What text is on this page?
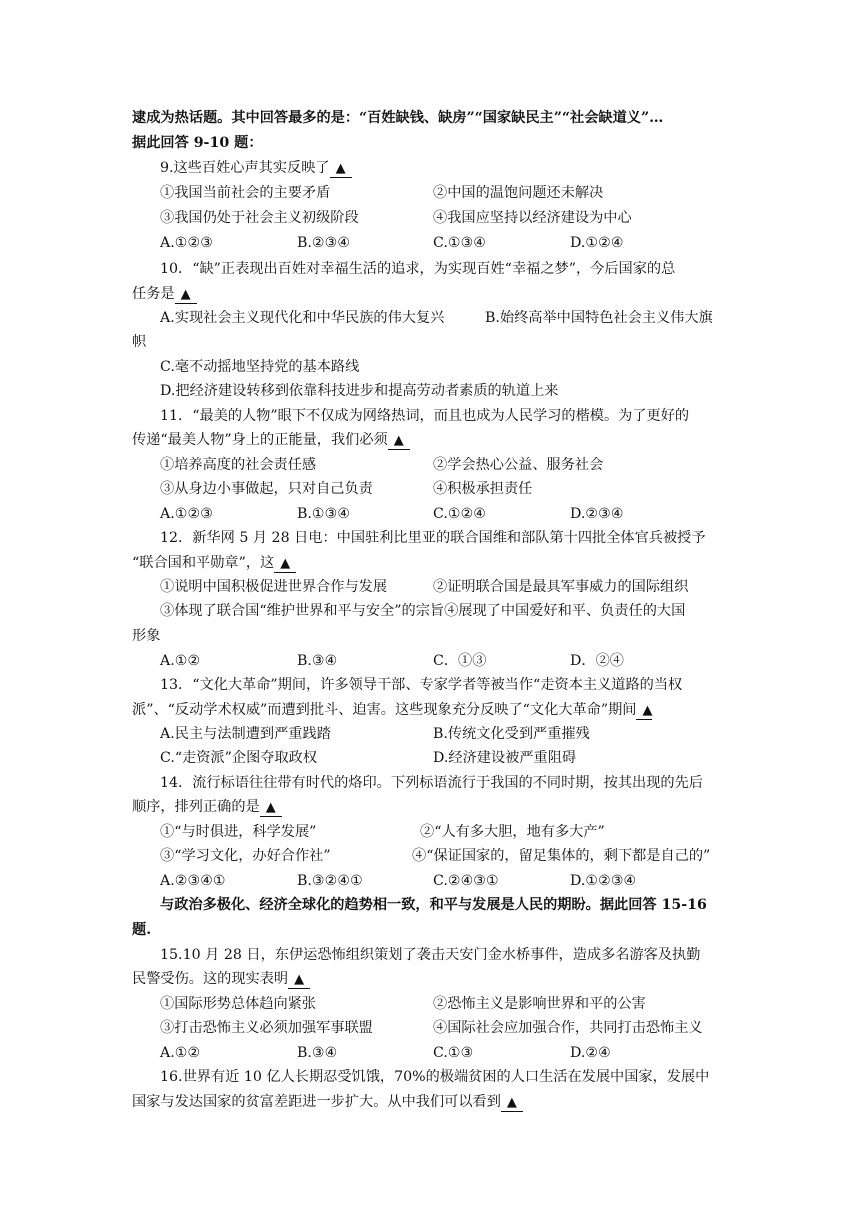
逮成为热话题。其中回答最多的是：“百姓缺钱、缺房”“国家缺民主”“社会缺道义”…
据此回答 9-10 题：
9.这些百姓心声其实反映了 ▲
①我国当前社会的主要矛盾	②中国的温饱问题还未解决
③我国仍处于社会主义初级阶段	④我国应坚持以经济建设为中心
A.①②③	B.②③④	C.①③④	D.①②④
10．“缺”正表现出百姓对幸福生活的追求，为实现百姓“幸福之梦”，今后国家的总
任务是 ▲
A.实现社会主义现代化和中华民族的伟大复兴	B.始终高举中国特色社会主义伟大旗
帜
C.毫不动摇地坚持党的基本路线
D.把经济建设转移到依靠科技进步和提高劳动者素质的轨道上来
11．“最美的人物”眼下不仅成为网络热词，而且也成为人民学习的楷模。为了更好的
传递“最美人物”身上的正能量，我们必须 ▲
①培养高度的社会责任感	②学会热心公益、服务社会
③从身边小事做起，只对自己负责	④积极承担责任
A.①②③	B.①③④	C.①②④	D.②③④
12．新华网 5 月 28 日电：中国驻利比里亚的联合国维和部队第十四批全体官兵被授予
“联合国和平勋章”，这 ▲
①说明中国积极促进世界合作与发展	②证明联合国是最具军事威力的国际组织
③体现了联合国“维护世界和平与安全”的宗旨④展现了中国爱好和平、负责任的大国
形象
A.①②	B.③④	C．①③	D．②④
13．“文化大革命”期间，许多领导干部、专家学者等被当作“走资本主义道路的当权
派”、“反动学术权威”而遭到批斗、迫害。这些现象充分反映了“文化大革命”期间 ▲
A.民主与法制遭到严重践踏	B.传统文化受到严重摧残
C.“走资派”企图夺取政权	D.经济建设被严重阻碍
14．流行标语往往带有时代的烙印。下列标语流行于我国的不同时期，按其出现的先后
顺序，排列正确的是 ▲
①“与时俱进，科学发展”	②“人有多大胆，地有多大产”
③“学习文化，办好合作社”	④“保证国家的，留足集体的，剩下都是自己的”
A.②③④①	B.③②④①	C.②④③①	D.①②③④
与政治多极化、经济全球化的趋势相一致，和平与发展是人民的期盼。据此回答 15-16
题.
15.10 月 28 日，东伊运恐怖组织策划了袭击天安门金水桥事件，造成多名游客及执勤
民警受伤。这的现实表明 ▲
①国际形势总体趋向紧张	②恐怖主义是影响世界和平的公害
③打击恐怖主义必须加强军事联盟	④国际社会应加强合作，共同打击恐怖主义
A.①②	B.③④	C.①③	D.②④
16.世界有近 10 亿人长期忍受饥饿，70%的极端贫困的人口生活在发展中国家，发展中
国家与发达国家的贫富差距进一步扩大。从中我们可以看到 ▲
